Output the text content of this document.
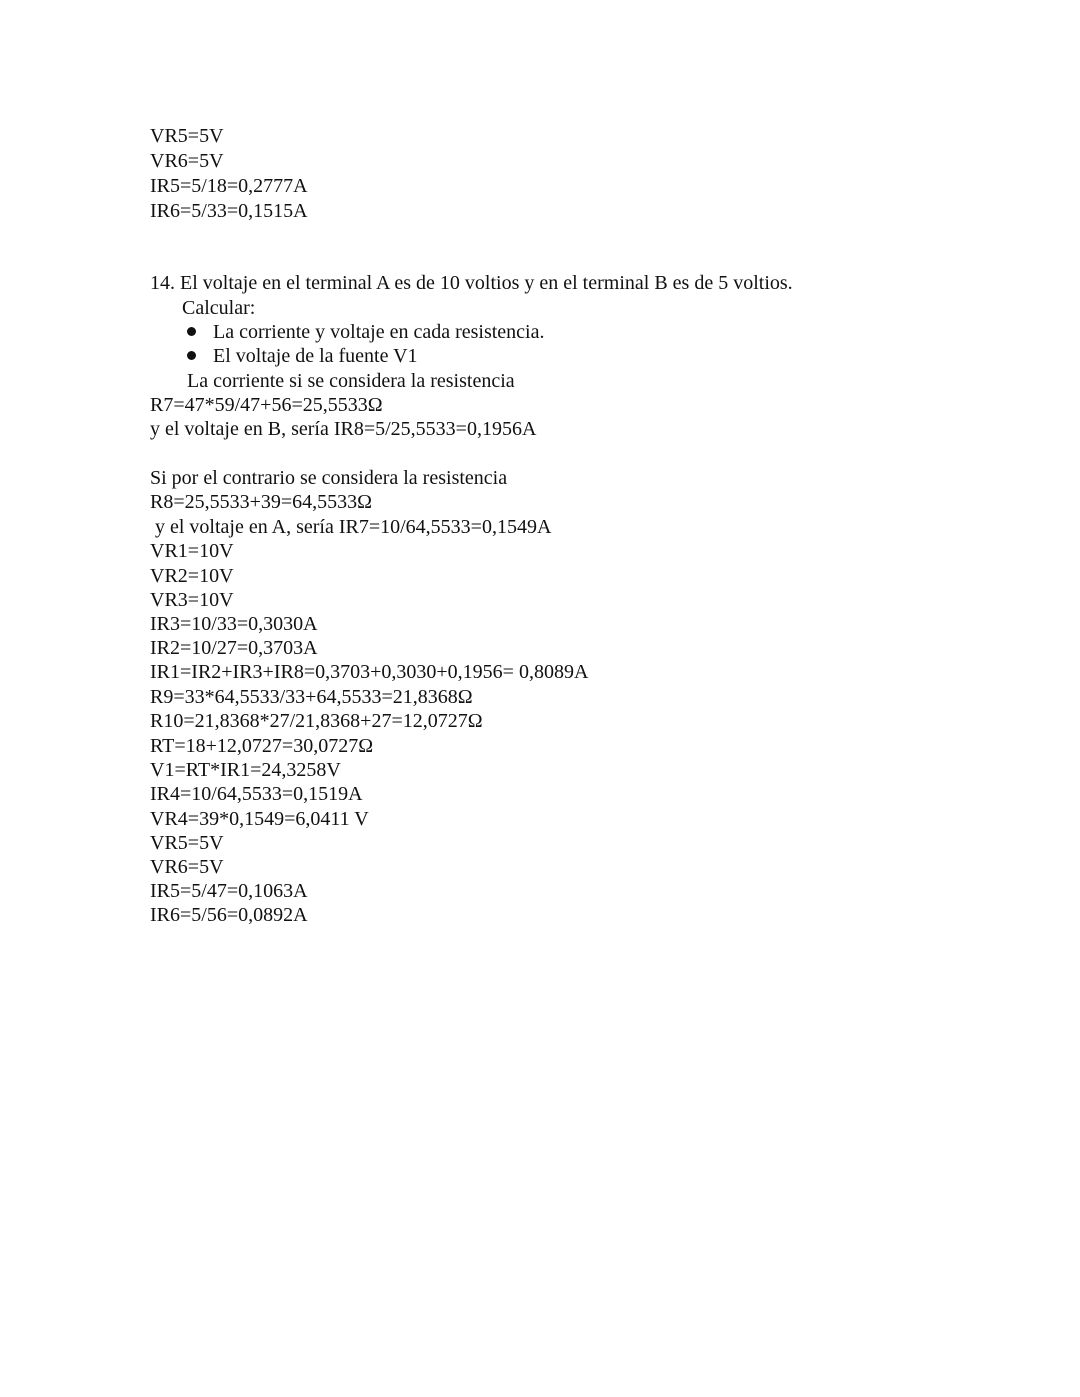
VR5=5V
VR6=5V
IR5=5/18=0,2777A
IR6=5/33=0,1515A
14. El voltaje en el terminal A es de 10 voltios y en el terminal B es de 5 voltios.
Calcular:
La corriente y voltaje en cada resistencia.
El voltaje de la fuente V1
La corriente si se considera la resistencia
R7=47*59/47+56=25,5533Ω
y el voltaje en B, sería IR8=5/25,5533=0,1956A
Si por el contrario se considera la resistencia
R8=25,5533+39=64,5533Ω
y el voltaje en A, sería IR7=10/64,5533=0,1549A
VR1=10V
VR2=10V
VR3=10V
IR3=10/33=0,3030A
IR2=10/27=0,3703A
IR1=IR2+IR3+IR8=0,3703+0,3030+0,1956= 0,8089A
R9=33*64,5533/33+64,5533=21,8368Ω
R10=21,8368*27/21,8368+27=12,0727Ω
RT=18+12,0727=30,0727Ω
V1=RT*IR1=24,3258V
IR4=10/64,5533=0,1519A
VR4=39*0,1549=6,0411 V
VR5=5V
VR6=5V
IR5=5/47=0,1063A
IR6=5/56=0,0892A
